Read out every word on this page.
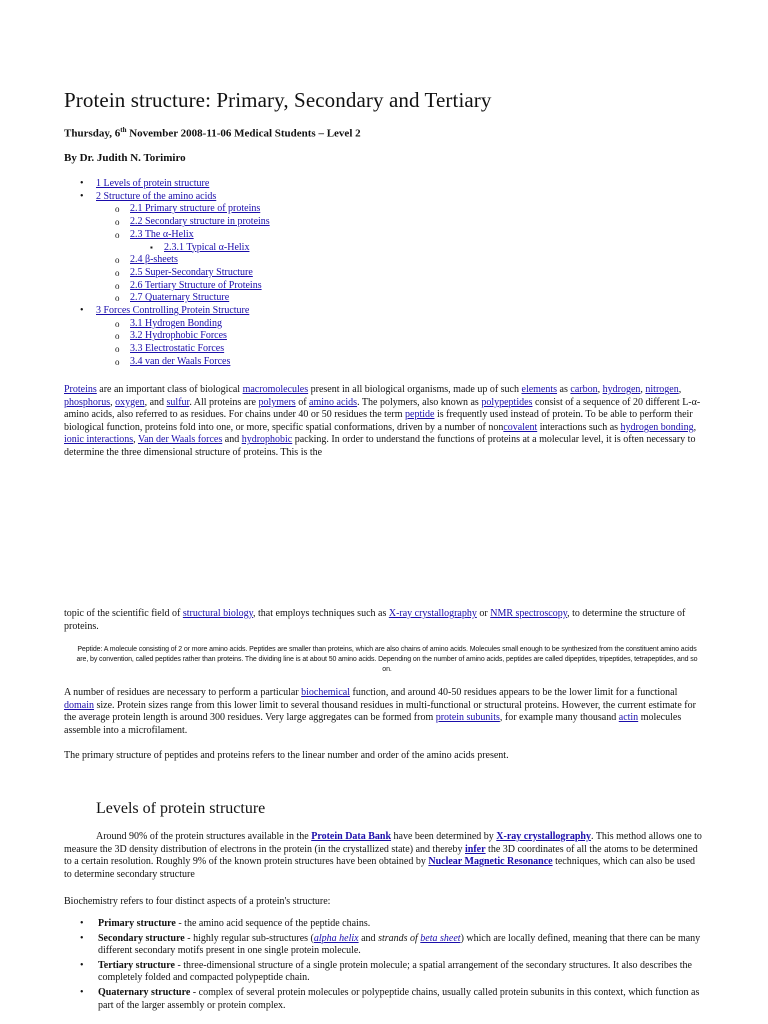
Protein structure: Primary, Secondary and Tertiary

Thursday, 6th November 2008-11-06 Medical Students – Level 2

By Dr. Judith N. Torimiro

• 1 Levels of protein structure
• 2 Structure of the amino acids
o 2.1 Primary structure of proteins
o 2.2 Secondary structure in proteins
o 2.3 The α-Helix
▪ 2.3.1 Typical α-Helix
o 2.4 β-sheets
o 2.5 Super-Secondary Structure
o 2.6 Tertiary Structure of Proteins
o 2.7 Quaternary Structure
• 3 Forces Controlling Protein Structure
o 3.1 Hydrogen Bonding
o 3.2 Hydrophobic Forces
o 3.3 Electrostatic Forces
o 3.4 van der Waals Forces

Proteins are an important class of biological macromolecules present in all biological organisms, made up of such elements as carbon, hydrogen, nitrogen, phosphorus, oxygen, and sulfur. All proteins are polymers of amino acids. The polymers, also known as polypeptides consist of a sequence of 20 different L-α-amino acids, also referred to as residues. For chains under 40 or 50 residues the term peptide is frequently used instead of protein. To be able to perform their biological function, proteins fold into one, or more, specific spatial conformations, driven by a number of noncovalent interactions such as hydrogen bonding, ionic interactions, Van der Waals forces and hydrophobic packing. In order to understand the functions of proteins at a molecular level, it is often necessary to determine the three dimensional structure of proteins. This is the

topic of the scientific field of structural biology, that employs techniques such as X-ray crystallography or NMR spectroscopy, to determine the structure of proteins.

Peptide: A molecule consisting of 2 or more amino acids. Peptides are smaller than proteins, which are also chains of amino acids. Molecules small enough to be synthesized from the constituent amino acids are, by convention, called peptides rather than proteins. The dividing line is at about 50 amino acids. Depending on the number of amino acids, peptides are called dipeptides, tripeptides, tetrapeptides, and so on.

A number of residues are necessary to perform a particular biochemical function, and around 40-50 residues appears to be the lower limit for a functional domain size. Protein sizes range from this lower limit to several thousand residues in multi-functional or structural proteins. However, the current estimate for the average protein length is around 300 residues. Very large aggregates can be formed from protein subunits, for example many thousand actin molecules assemble into a microfilament.

The primary structure of peptides and proteins refers to the linear number and order of the amino acids present.

Levels of protein structure

Around 90% of the protein structures available in the Protein Data Bank have been determined by X-ray crystallography. This method allows one to measure the 3D density distribution of electrons in the protein (in the crystallized state) and thereby infer the 3D coordinates of all the atoms to be determined to a certain resolution. Roughly 9% of the known protein structures have been obtained by Nuclear Magnetic Resonance techniques, which can also be used to determine secondary structure

Biochemistry refers to four distinct aspects of a protein's structure:

• Primary structure - the amino acid sequence of the peptide chains.
• Secondary structure - highly regular sub-structures (alpha helix and strands of beta sheet) which are locally defined, meaning that there can be many different secondary motifs present in one single protein molecule.
• Tertiary structure - three-dimensional structure of a single protein molecule; a spatial arrangement of the secondary structures. It also describes the completely folded and compacted polypeptide chain.
• Quaternary structure - complex of several protein molecules or polypeptide chains, usually called protein subunits in this context, which function as part of the larger assembly or protein complex.
